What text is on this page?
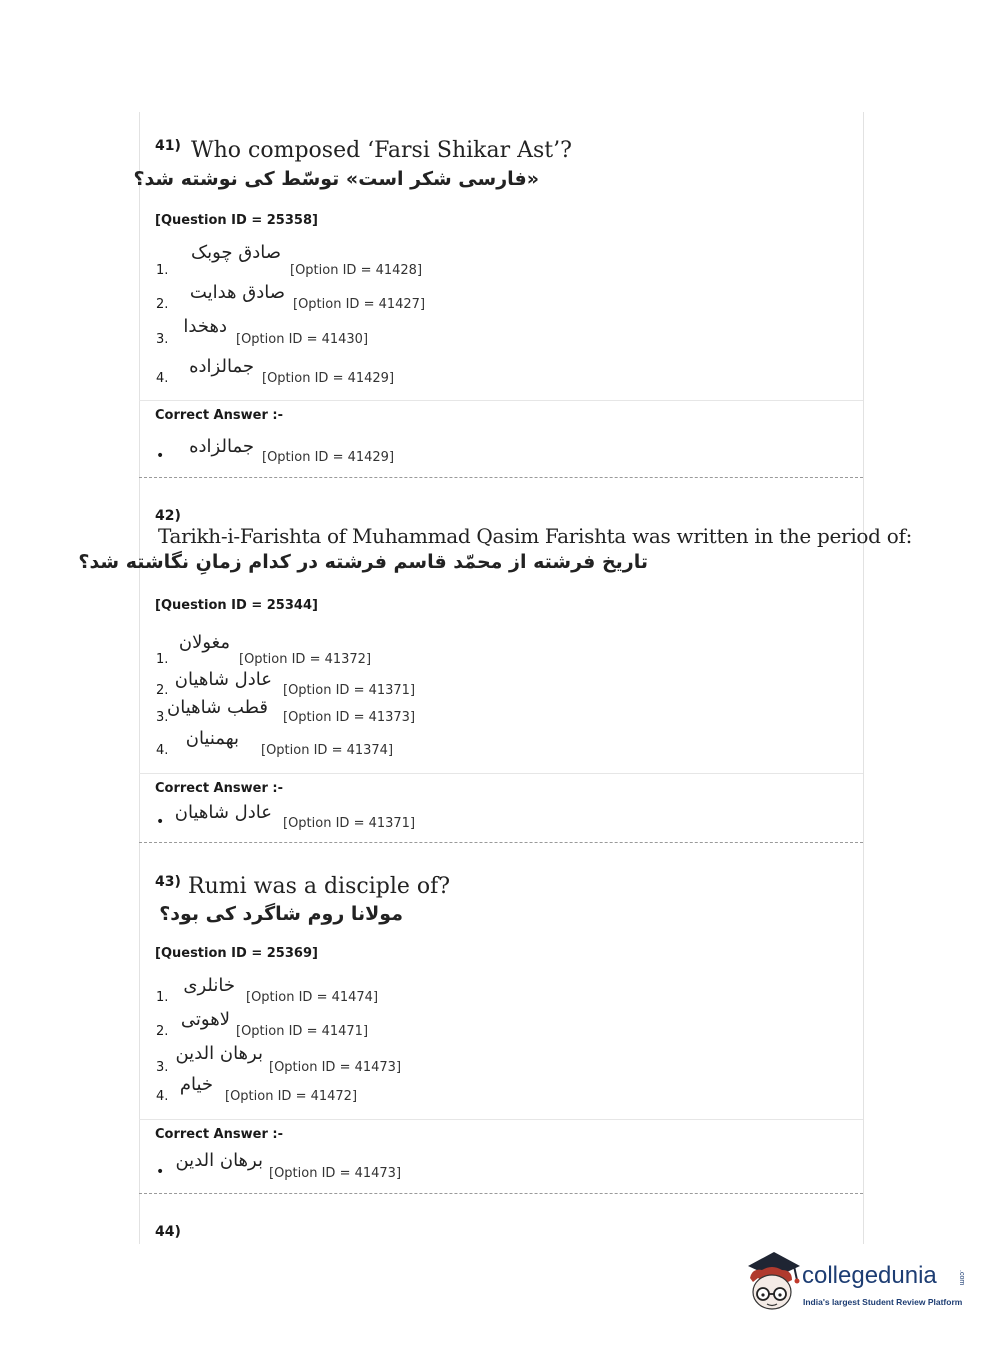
41) Who composed ‘Farsi Shikar Ast’?
«فارسی شکر است» توسّط کی نوشته شد؟
[Question ID = 25358]
1.
صادق چوبک
[Option ID = 41428]
2.
صادق هدایت
[Option ID = 41427]
3.
دهخدا
[Option ID = 41430]
4.
جمالزاده
[Option ID = 41429]
Correct Answer :-
• جمالزاده
[Option ID = 41429]
42)
Tarikh-i-Farishta of Muhammad Qasim Farishta was written in the period of:
تاریخ فرشته از محمّد قاسم فرشته در کدام زمانِ نگاشته شد؟
[Question ID = 25344]
1.
مغولان
[Option ID = 41372]
2.
عادل شاهیان
[Option ID = 41371]
3.
قطب شاهیان [Option ID = 41373]
4.
بهمنیان
[Option ID = 41374]
Correct Answer :-
• عادل شاهیان
[Option ID = 41371]
43) Rumi was a disciple of?
مولانا روم شاگرد کی بود؟
[Question ID = 25369]
1.
خانلری
[Option ID = 41474]
2.
لاهوتی
[Option ID = 41471]
3.
برهان الدین
[Option ID = 41473]
4.
خیام
[Option ID = 41472]
Correct Answer :-
•
برهان الدین
[Option ID = 41473]
44)
collegedunia	.com
India's largest Student Review Platform
